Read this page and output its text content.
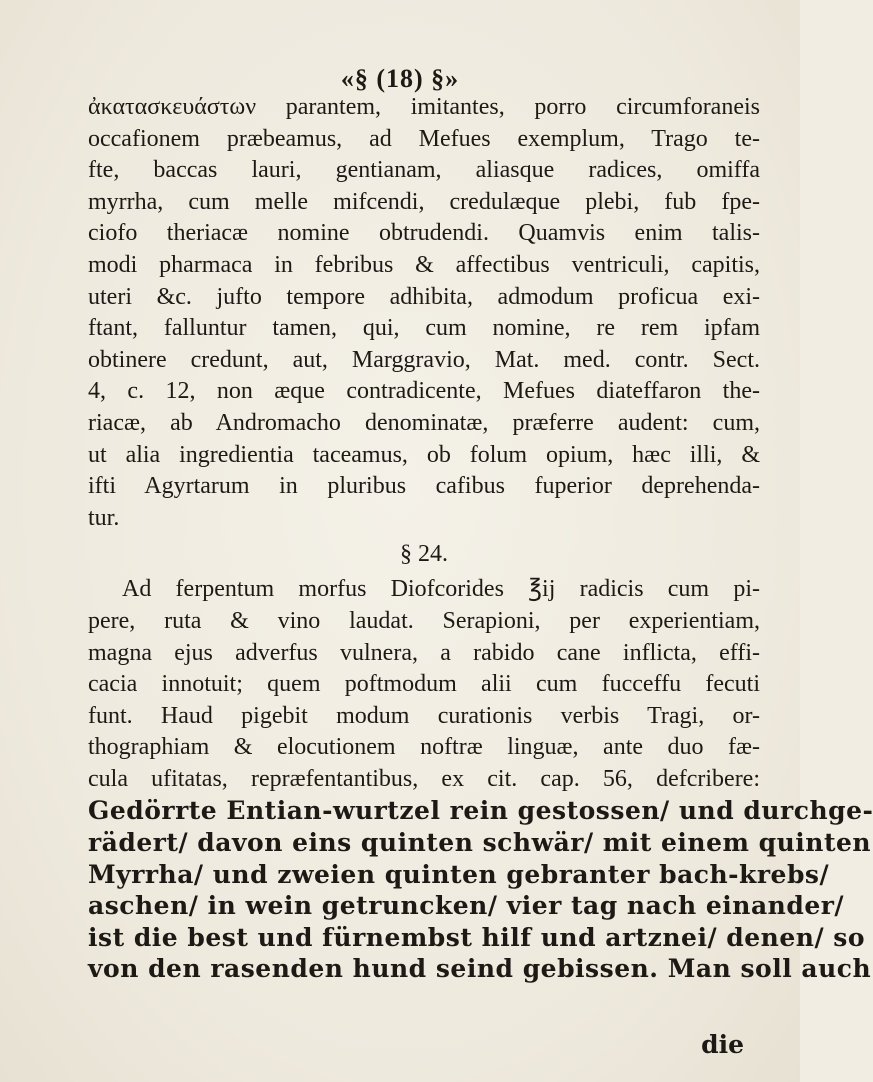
«§ (18) §»
ἀκατασκευάστων parantem, imitantes, porro circumforaneis
occafionem præbeamus, ad Mefues exemplum, Trago te-
fte, baccas lauri, gentianam, aliasque radices, omiffa
myrrha, cum melle mifcendi, credulæque plebi, fub fpe-
ciofo theriacæ nomine obtrudendi. Quamvis enim talis-
modi pharmaca in febribus & affectibus ventriculi, capitis,
uteri &c. jufto tempore adhibita, admodum proficua exi-
ftant, falluntur tamen, qui, cum nomine, re rem ipfam
obtinere credunt, aut, Marggravio, Mat. med. contr. Sect.
4, c. 12, non æque contradicente, Mefues diateffaron the-
riacæ, ab Andromacho denominatæ, præferre audent: cum,
ut alia ingredientia taceamus, ob folum opium, hæc illi, &
ifti Agyrtarum in pluribus cafibus fuperior deprehenda-
tur.
§ 24.
Ad ferpentum morfus Diofcorides ℥ij radicis cum pi-
pere, ruta & vino laudat. Serapioni, per experientiam,
magna ejus adverfus vulnera, a rabido cane inflicta, effi-
cacia innotuit; quem poftmodum alii cum fucceffu fecuti
funt. Haud pigebit modum curationis verbis Tragi, or-
thographiam & elocutionem noftræ linguæ, ante duo fæ-
cula ufitatas, repræfentantibus, ex cit. cap. 56, defcribere:
Gedörrte Entian-wurtzel rein gestossen/ und durchge-
rädert/ davon eins quinten schwär/ mit einem quinten
Myrrha/ und zweien quinten gebranter bach-krebs/
aschen/ in wein getruncken/ vier tag nach einander/
ist die best und fürnembst hilf und artznei/ denen/ so
von den rasenden hund seind gebissen. Man soll auch
die
